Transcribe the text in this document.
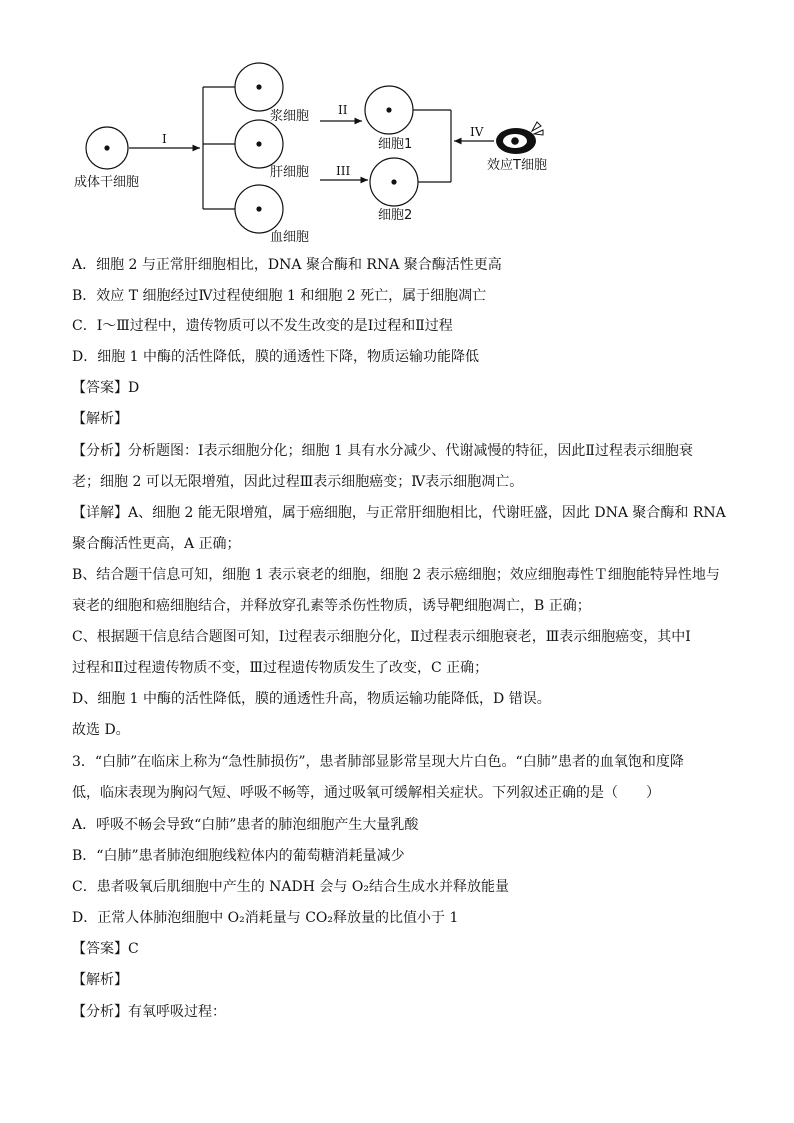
成体干细胞
浆细胞
肝细胞
血细胞
细胞1
细胞2
效应T细胞
I
II
III
IV
A．细胞 2 与正常肝细胞相比，DNA 聚合酶和 RNA 聚合酶活性更高
B．效应 T 细胞经过Ⅳ过程使细胞 1 和细胞 2 死亡，属于细胞凋亡
C．Ⅰ～Ⅲ过程中，遗传物质可以不发生改变的是Ⅰ过程和Ⅱ过程
D．细胞 1 中酶的活性降低，膜的通透性下降，物质运输功能降低
【答案】D
【解析】
【分析】分析题图：Ⅰ表示细胞分化；细胞 1 具有水分减少、代谢减慢的特征，因此Ⅱ过程表示细胞衰
老；细胞 2 可以无限增殖，因此过程Ⅲ表示细胞癌变；Ⅳ表示细胞凋亡。
【详解】A、细胞 2 能无限增殖，属于癌细胞，与正常肝细胞相比，代谢旺盛，因此 DNA 聚合酶和 RNA
聚合酶活性更高，A 正确；
B、结合题干信息可知，细胞 1 表示衰老的细胞，细胞 2 表示癌细胞；效应细胞毒性Ｔ细胞能特异性地与
衰老的细胞和癌细胞结合，并释放穿孔素等杀伤性物质，诱导靶细胞凋亡，B 正确；
C、根据题干信息结合题图可知，Ⅰ过程表示细胞分化，Ⅱ过程表示细胞衰老，Ⅲ表示细胞癌变，其中Ⅰ
过程和Ⅱ过程遗传物质不变，Ⅲ过程遗传物质发生了改变，C 正确；
D、细胞 1 中酶的活性降低，膜的通透性升高，物质运输功能降低，D 错误。
故选 D。
3．“白肺”在临床上称为“急性肺损伤”，患者肺部显影常呈现大片白色。“白肺”患者的血氧饱和度降
低，临床表现为胸闷气短、呼吸不畅等，通过吸氧可缓解相关症状。下列叙述正确的是（　　）
A．呼吸不畅会导致“白肺”患者的肺泡细胞产生大量乳酸
B．“白肺”患者肺泡细胞线粒体内的葡萄糖消耗量减少
C．患者吸氧后肌细胞中产生的 NADH 会与 O₂结合生成水并释放能量
D．正常人体肺泡细胞中 O₂消耗量与 CO₂释放量的比值小于 1
【答案】C
【解析】
【分析】有氧呼吸过程：
